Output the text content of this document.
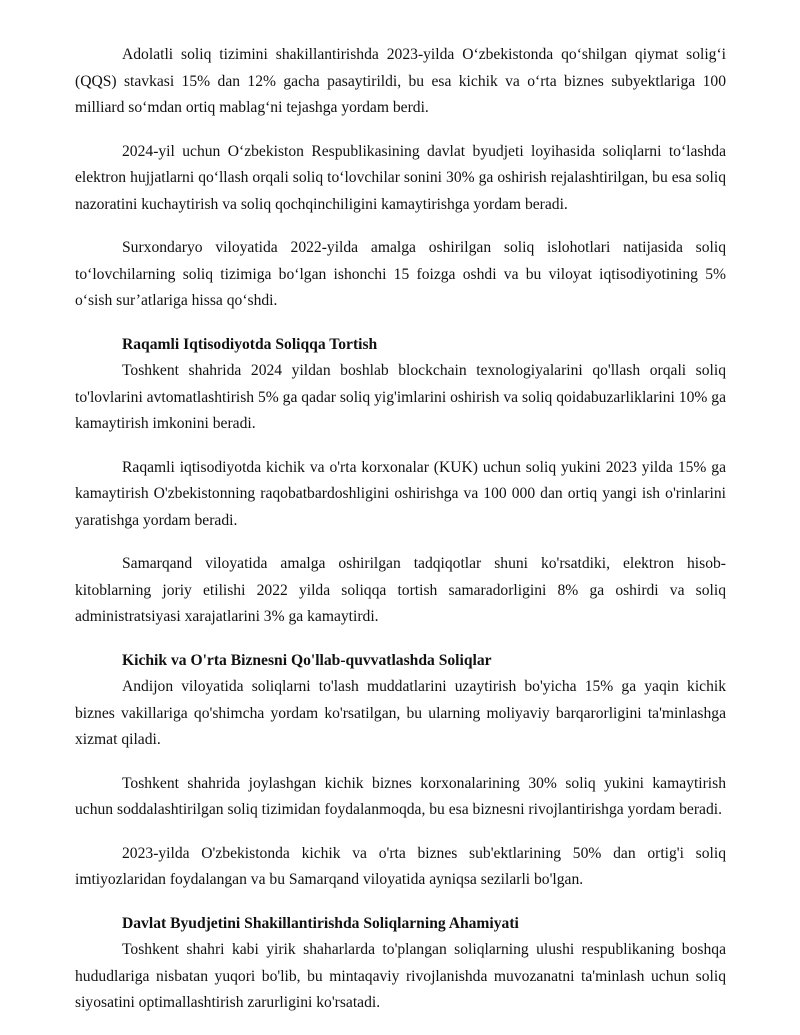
Adolatli soliq tizimini shakillantirishda 2023-yilda O‘zbekistonda qo‘shilgan qiymat solig‘i (QQS) stavkasi 15% dan 12% gacha pasaytirildi, bu esa kichik va o‘rta biznes subyektlariga 100 milliard so‘mdan ortiq mablag‘ni tejashga yordam berdi.

2024-yil uchun O‘zbekiston Respublikasining davlat byudjeti loyihasida soliqlarni to‘lashda elektron hujjatlarni qo‘llash orqali soliq to‘lovchilar sonini 30% ga oshirish rejalashtirilgan, bu esa soliq nazoratini kuchaytirish va soliq qochqinchiligini kamaytirishga yordam beradi.

Surxondaryo viloyatida 2022-yilda amalga oshirilgan soliq islohotlari natijasida soliq to‘lovchilarning soliq tizimiga bo‘lgan ishonchi 15 foizga oshdi va bu viloyat iqtisodiyotining 5% o‘sish sur’atlariga hissa qo‘shdi.

Raqamli Iqtisodiyotda Soliqqa Tortish

Toshkent shahrida 2024 yildan boshlab blockchain texnologiyalarini qo'llash orqali soliq to'lovlarini avtomatlashtirish 5% ga qadar soliq yig'imlarini oshirish va soliq qoidabuzarliklarini 10% ga kamaytirish imkonini beradi.

Raqamli iqtisodiyotda kichik va o'rta korxonalar (KUK) uchun soliq yukini 2023 yilda 15% ga kamaytirish O'zbekistonning raqobatbardoshligini oshirishga va 100 000 dan ortiq yangi ish o'rinlarini yaratishga yordam beradi.

Samarqand viloyatida amalga oshirilgan tadqiqotlar shuni ko'rsatdiki, elektron hisob-kitoblarning joriy etilishi 2022 yilda soliqqa tortish samaradorligini 8% ga oshirdi va soliq administratsiyasi xarajatlarini 3% ga kamaytirdi.

Kichik va O'rta Biznesni Qo'llab-quvvatlashda Soliqlar

Andijon viloyatida soliqlarni to'lash muddatlarini uzaytirish bo'yicha 15% ga yaqin kichik biznes vakillariga qo'shimcha yordam ko'rsatilgan, bu ularning moliyaviy barqarorligini ta'minlashga xizmat qiladi.

Toshkent shahrida joylashgan kichik biznes korxonalarining 30% soliq yukini kamaytirish uchun soddalashtirilgan soliq tizimidan foydalanmoqda, bu esa biznesni rivojlantirishga yordam beradi.

2023-yilda O'zbekistonda kichik va o'rta biznes sub'ektlarining 50% dan ortig'i soliq imtiyozlaridan foydalangan va bu Samarqand viloyatida ayniqsa sezilarli bo'lgan.

Davlat Byudjetini Shakillantirishda Soliqlarning Ahamiyati

Toshkent shahri kabi yirik shaharlarda to'plangan soliqlarning ulushi respublikaning boshqa hududlariga nisbatan yuqori bo'lib, bu mintaqaviy rivojlanishda muvozanatni ta'minlash uchun soliq siyosatini optimallashtirish zarurligini ko'rsatadi.
